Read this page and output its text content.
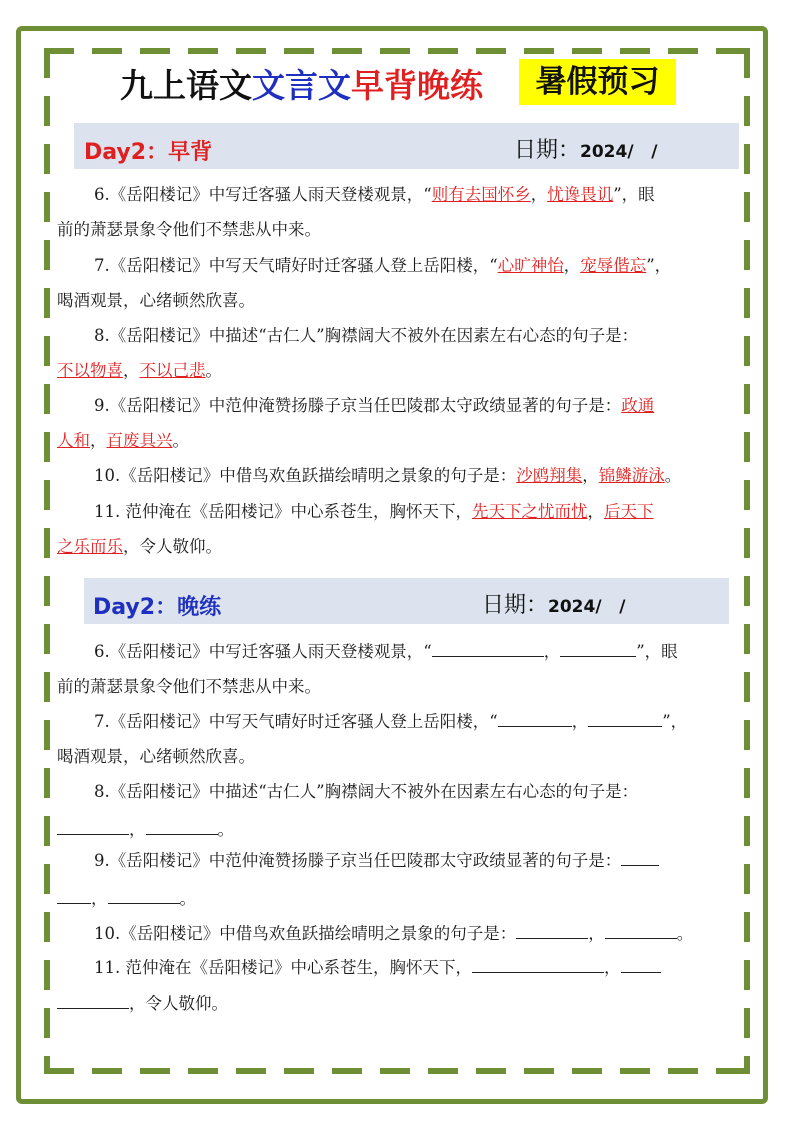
九上语文文言文早背晚练	暑假预习
Day2：早背	日期：2024/   /
6.《岳阳楼记》中写迁客骚人雨天登楼观景，“则有去国怀乡，忧谗畏讥”，眼
前的萧瑟景象令他们不禁悲从中来。
7.《岳阳楼记》中写天气晴好时迁客骚人登上岳阳楼，“心旷神怡，宠辱偕忘”，
喝酒观景，心绪顿然欣喜。
8.《岳阳楼记》中描述“古仁人”胸襟阔大不被外在因素左右心态的句子是：
不以物喜，不以己悲。
9.《岳阳楼记》中范仲淹赞扬滕子京当任巴陵郡太守政绩显著的句子是：政通
人和，百废具兴。
10.《岳阳楼记》中借鸟欢鱼跃描绘晴明之景象的句子是：沙鸥翔集，锦鳞游泳。
11. 范仲淹在《岳阳楼记》中心系苍生，胸怀天下，先天下之忧而忧，后天下
之乐而乐，令人敬仰。
Day2：晚练	日期：2024/   /
6.《岳阳楼记》中写迁客骚人雨天登楼观景，“	，	”，眼
前的萧瑟景象令他们不禁悲从中来。
7.《岳阳楼记》中写天气晴好时迁客骚人登上岳阳楼，“	，	”，
喝酒观景，心绪顿然欣喜。
8.《岳阳楼记》中描述“古仁人”胸襟阔大不被外在因素左右心态的句子是：
，	。
9.《岳阳楼记》中范仲淹赞扬滕子京当任巴陵郡太守政绩显著的句子是：
，	。
10.《岳阳楼记》中借鸟欢鱼跃描绘晴明之景象的句子是：	，	。
11. 范仲淹在《岳阳楼记》中心系苍生，胸怀天下，	，
，令人敬仰。
